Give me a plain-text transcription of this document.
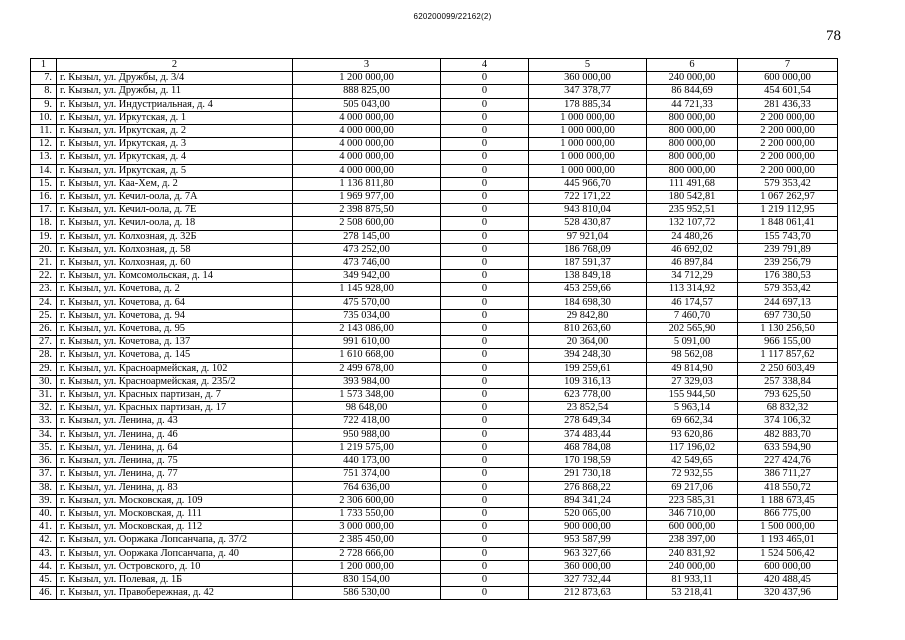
620200099/22162(2)
78
1	2	3	4	5	6	7
7.	г. Кызыл, ул. Дружбы, д. 3/4	1 200 000,00	0	360 000,00	240 000,00	600 000,00
8.	г. Кызыл, ул. Дружбы, д. 11	888 825,00	0	347 378,77	86 844,69	454 601,54
9.	г. Кызыл, ул. Индустриальная, д. 4	505 043,00	0	178 885,34	44 721,33	281 436,33
10.	г. Кызыл, ул. Иркутская, д. 1	4 000 000,00	0	1 000 000,00	800 000,00	2 200 000,00
11.	г. Кызыл, ул. Иркутская, д. 2	4 000 000,00	0	1 000 000,00	800 000,00	2 200 000,00
12.	г. Кызыл, ул. Иркутская, д. 3	4 000 000,00	0	1 000 000,00	800 000,00	2 200 000,00
13.	г. Кызыл, ул. Иркутская, д. 4	4 000 000,00	0	1 000 000,00	800 000,00	2 200 000,00
14.	г. Кызыл, ул. Иркутская, д. 5	4 000 000,00	0	1 000 000,00	800 000,00	2 200 000,00
15.	г. Кызыл, ул. Каа-Хем, д. 2	1 136 811,80	0	445 966,70	111 491,68	579 353,42
16.	г. Кызыл, ул. Кечил-оола, д. 7А	1 969 977,00	0	722 171,22	180 542,81	1 067 262,97
17.	г. Кызыл, ул. Кечил-оола, д. 7Е	2 398 875,50	0	943 810,04	235 952,51	1 219 112,95
18.	г. Кызыл, ул. Кечил-оола, д. 18	2 508 600,00	0	528 430,87	132 107,72	1 848 061,41
19.	г. Кызыл, ул. Колхозная, д. 32Б	278 145,00	0	97 921,04	24 480,26	155 743,70
20.	г. Кызыл, ул. Колхозная, д. 58	473 252,00	0	186 768,09	46 692,02	239 791,89
21.	г. Кызыл, ул. Колхозная, д. 60	473 746,00	0	187 591,37	46 897,84	239 256,79
22.	г. Кызыл, ул. Комсомольская, д. 14	349 942,00	0	138 849,18	34 712,29	176 380,53
23.	г. Кызыл, ул. Кочетова, д. 2	1 145 928,00	0	453 259,66	113 314,92	579 353,42
24.	г. Кызыл, ул. Кочетова, д. 64	475 570,00	0	184 698,30	46 174,57	244 697,13
25.	г. Кызыл, ул. Кочетова, д. 94	735 034,00	0	29 842,80	7 460,70	697 730,50
26.	г. Кызыл, ул. Кочетова, д. 95	2 143 086,00	0	810 263,60	202 565,90	1 130 256,50
27.	г. Кызыл, ул. Кочетова, д. 137	991 610,00	0	20 364,00	5 091,00	966 155,00
28.	г. Кызыл, ул. Кочетова, д. 145	1 610 668,00	0	394 248,30	98 562,08	1 117 857,62
29.	г. Кызыл, ул. Красноармейская, д. 102	2 499 678,00	0	199 259,61	49 814,90	2 250 603,49
30.	г. Кызыл, ул. Красноармейская, д. 235/2	393 984,00	0	109 316,13	27 329,03	257 338,84
31.	г. Кызыл, ул. Красных партизан, д. 7	1 573 348,00	0	623 778,00	155 944,50	793 625,50
32.	г. Кызыл, ул. Красных партизан, д. 17	98 648,00	0	23 852,54	5 963,14	68 832,32
33.	г. Кызыл, ул. Ленина, д. 43	722 418,00	0	278 649,34	69 662,34	374 106,32
34.	г. Кызыл, ул. Ленина, д. 46	950 988,00	0	374 483,44	93 620,86	482 883,70
35.	г. Кызыл, ул. Ленина, д. 64	1 219 575,00	0	468 784,08	117 196,02	633 594,90
36.	г. Кызыл, ул. Ленина, д. 75	440 173,00	0	170 198,59	42 549,65	227 424,76
37.	г. Кызыл, ул. Ленина, д. 77	751 374,00	0	291 730,18	72 932,55	386 711,27
38.	г. Кызыл, ул. Ленина, д. 83	764 636,00	0	276 868,22	69 217,06	418 550,72
39.	г. Кызыл, ул. Московская, д. 109	2 306 600,00	0	894 341,24	223 585,31	1 188 673,45
40.	г. Кызыл, ул. Московская, д. 111	1 733 550,00	0	520 065,00	346 710,00	866 775,00
41.	г. Кызыл, ул. Московская, д. 112	3 000 000,00	0	900 000,00	600 000,00	1 500 000,00
42.	г. Кызыл, ул. Ооржака Лопсанчапа, д. 37/2	2 385 450,00	0	953 587,99	238 397,00	1 193 465,01
43.	г. Кызыл, ул. Ооржака Лопсанчапа, д. 40	2 728 666,00	0	963 327,66	240 831,92	1 524 506,42
44.	г. Кызыл, ул. Островского, д. 10	1 200 000,00	0	360 000,00	240 000,00	600 000,00
45.	г. Кызыл, ул. Полевая, д. 1Б	830 154,00	0	327 732,44	81 933,11	420 488,45
46.	г. Кызыл, ул. Правобережная, д. 42	586 530,00	0	212 873,63	53 218,41	320 437,96
